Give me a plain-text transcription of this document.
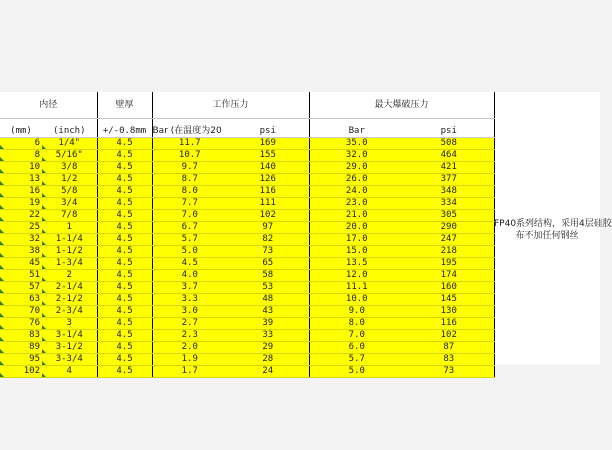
内径		壁厚	工作压力		最大爆破压力	
(mm)	(inch)	+/-0.8mm	Bar (在温度为20	psi	Bar	psi
6	1/4"	4.5	11.7	169	35.0	508
8	5/16"	4.5	10.7	155	32.0	464
10	3/8	4.5	9.7	140	29.0	421
13	1/2	4.5	8.7	126	26.0	377
16	5/8	4.5	8.0	116	24.0	348
19	3/4	4.5	7.7	111	23.0	334
22	7/8	4.5	7.0	102	21.0	305
25	1	4.5	6.7	97	20.0	290
32	1-1/4	4.5	5.7	82	17.0	247
38	1-1/2	4.5	5.0	73	15.0	218
45	1-3/4	4.5	4.5	65	13.5	195
51	2	4.5	4.0	58	12.0	174
57	2-1/4	4.5	3.7	53	11.1	160
63	2-1/2	4.5	3.3	48	10.0	145
70	2-3/4	4.5	3.0	43	9.0	130
76	3	4.5	2.7	39	8.0	116
83	3-1/4	4.5	2.3	33	7.0	102
89	3-1/2	4.5	2.0	29	6.0	87
95	3-3/4	4.5	1.9	28	5.7	83
102	4	4.5	1.7	24	5.0	73
FP40系列结构，采用4层硅胶
布不加任何钢丝
